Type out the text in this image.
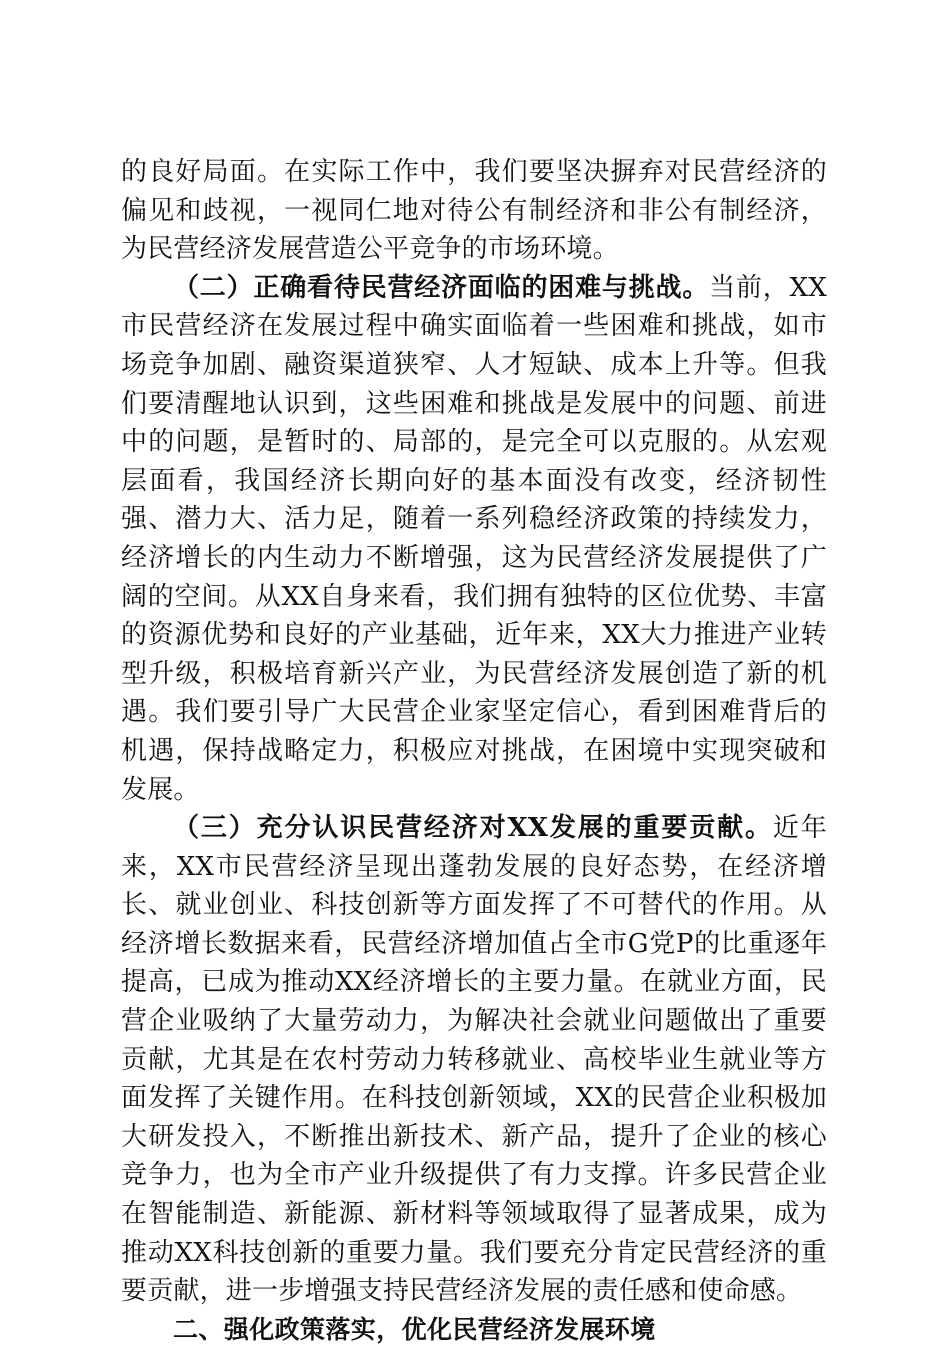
的良好局面。在实际工作中，我们要坚决摒弃对民营经济的偏见和歧视，一视同仁地对待公有制经济和非公有制经济，为民营经济发展营造公平竞争的市场环境。

（二）正确看待民营经济面临的困难与挑战。当前，XX市民营经济在发展过程中确实面临着一些困难和挑战，如市场竞争加剧、融资渠道狭窄、人才短缺、成本上升等。但我们要清醒地认识到，这些困难和挑战是发展中的问题、前进中的问题，是暂时的、局部的，是完全可以克服的。从宏观层面看，我国经济长期向好的基本面没有改变，经济韧性强、潜力大、活力足，随着一系列稳经济政策的持续发力，经济增长的内生动力不断增强，这为民营经济发展提供了广阔的空间。从XX自身来看，我们拥有独特的区位优势、丰富的资源优势和良好的产业基础，近年来，XX大力推进产业转型升级，积极培育新兴产业，为民营经济发展创造了新的机遇。我们要引导广大民营企业家坚定信心，看到困难背后的机遇，保持战略定力，积极应对挑战，在困境中实现突破和发展。

（三）充分认识民营经济对XX发展的重要贡献。近年来，XX市民营经济呈现出蓬勃发展的良好态势，在经济增长、就业创业、科技创新等方面发挥了不可替代的作用。从经济增长数据来看，民营经济增加值占全市G党P的比重逐年提高，已成为推动XX经济增长的主要力量。在就业方面，民营企业吸纳了大量劳动力，为解决社会就业问题做出了重要贡献，尤其是在农村劳动力转移就业、高校毕业生就业等方面发挥了关键作用。在科技创新领域，XX的民营企业积极加大研发投入，不断推出新技术、新产品，提升了企业的核心竞争力，也为全市产业升级提供了有力支撑。许多民营企业在智能制造、新能源、新材料等领域取得了显著成果，成为推动XX科技创新的重要力量。我们要充分肯定民营经济的重要贡献，进一步增强支持民营经济发展的责任感和使命感。

二、强化政策落实，优化民营经济发展环境
